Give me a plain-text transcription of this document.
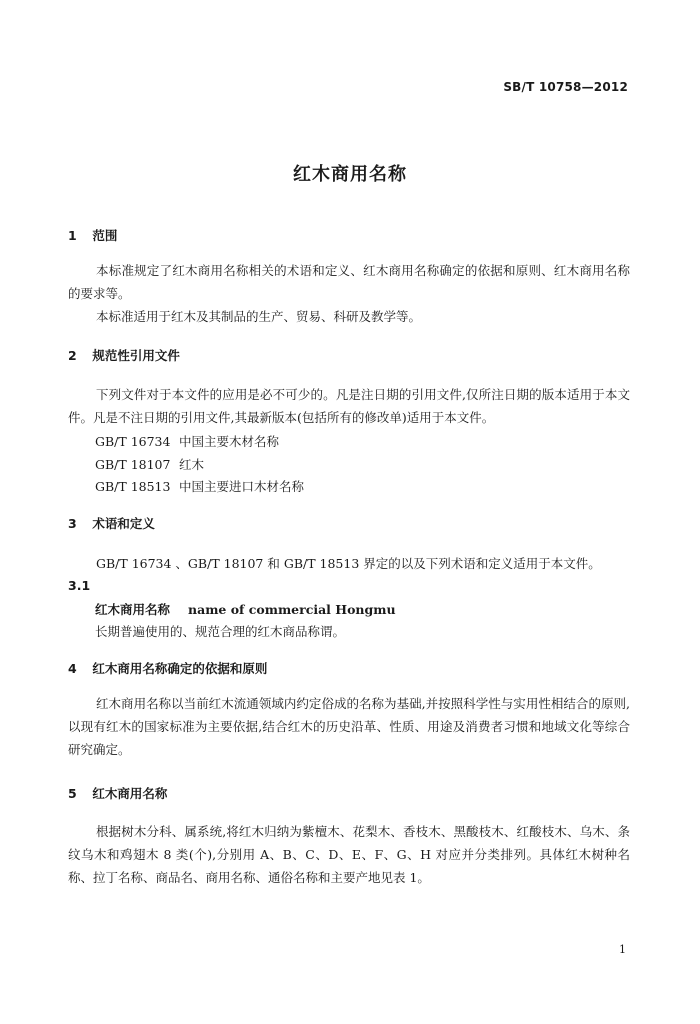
SB/T 10758—2012
红木商用名称
1 范围

本标准规定了红木商用名称相关的术语和定义、红木商用名称确定的依据和原则、红木商用名称的要求等。

本标准适用于红木及其制品的生产、贸易、科研及教学等。

2 规范性引用文件

下列文件对于本文件的应用是必不可少的。凡是注日期的引用文件,仅所注日期的版本适用于本文件。凡是不注日期的引用文件,其最新版本(包括所有的修改单)适用于本文件。

GB/T 16734 中国主要木材名称
GB/T 18107 红木
GB/T 18513 中国主要进口木材名称
3 术语和定义

GB/T 16734 、GB/T 18107 和 GB/T 18513 界定的以及下列术语和定义适用于本文件。

3.1
红木商用名称 name of commercial Hongmu
长期普遍使用的、规范合理的红木商品称谓。
4 红木商用名称确定的依据和原则

红木商用名称以当前红木流通领域内约定俗成的名称为基础,并按照科学性与实用性相结合的原则,以现有红木的国家标准为主要依据,结合红木的历史沿革、性质、用途及消费者习惯和地域文化等综合研究确定。

5 红木商用名称

根据树木分科、属系统,将红木归纳为紫檀木、花梨木、香枝木、黑酸枝木、红酸枝木、乌木、条纹乌木和鸡翅木 8 类(个),分别用 A、B、C、D、E、F、G、H 对应并分类排列。具体红木树种名称、拉丁名称、商品名、商用名称、通俗名称和主要产地见表 1。

1
